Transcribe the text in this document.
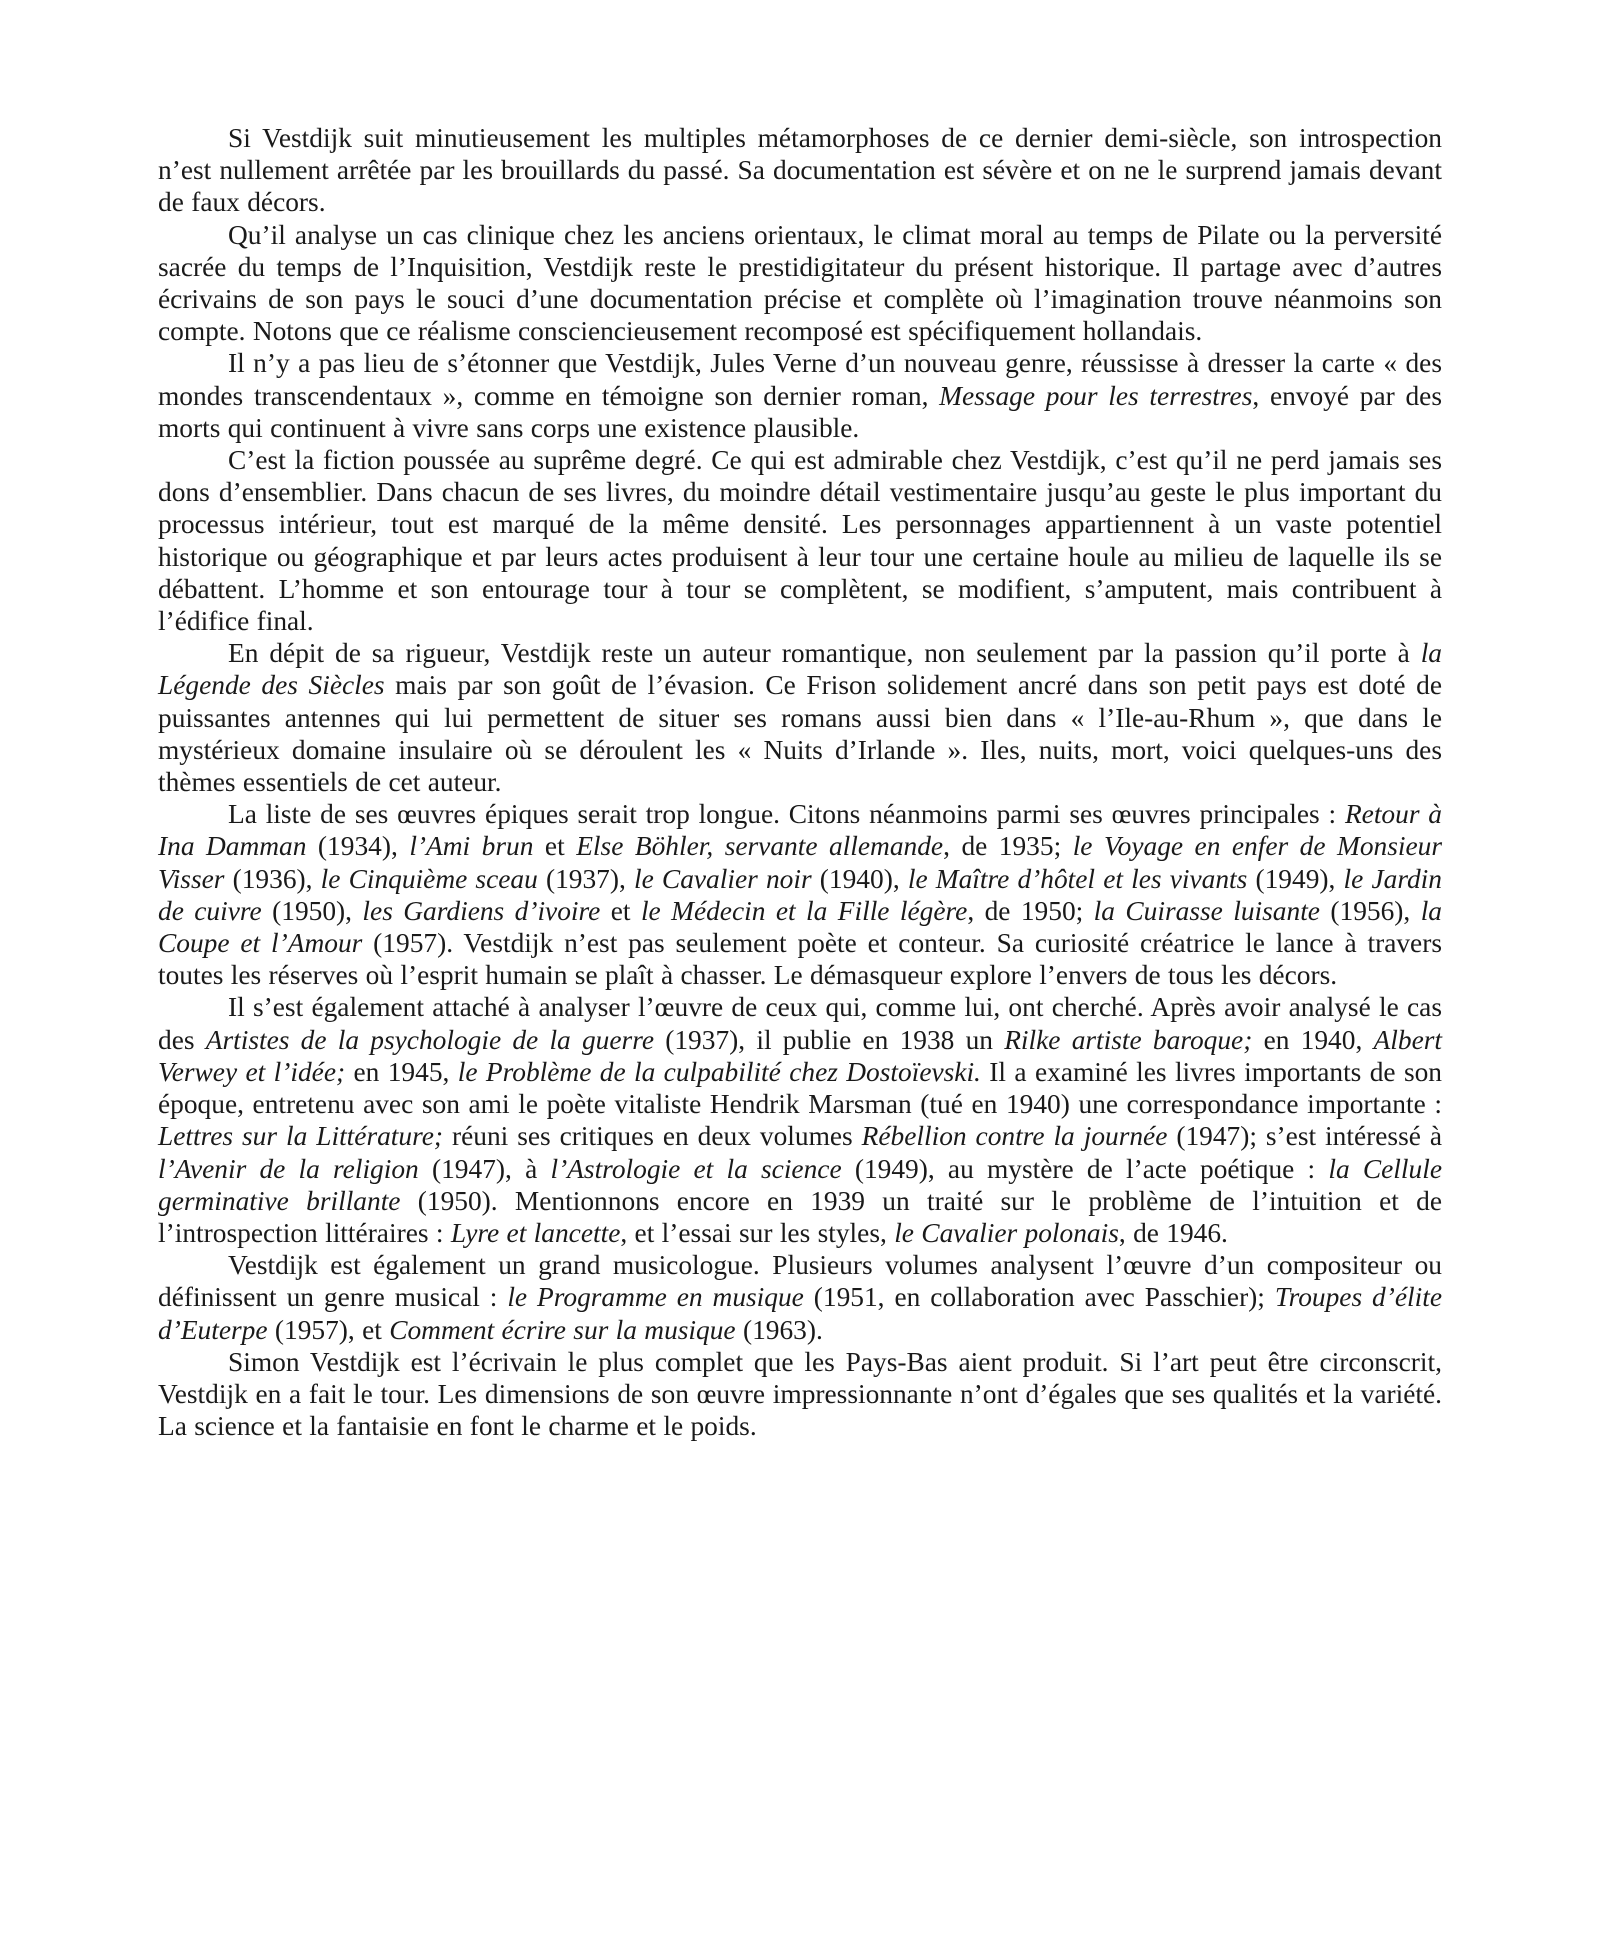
Si Vestdijk suit minutieusement les multiples métamorphoses de ce dernier demi-siècle, son introspection n’est nullement arrêtée par les brouillards du passé. Sa documentation est sévère et on ne le surprend jamais devant de faux décors.

Qu’il analyse un cas clinique chez les anciens orientaux, le climat moral au temps de Pilate ou la perversité sacrée du temps de l’Inquisition, Vestdijk reste le prestidigitateur du présent historique. Il partage avec d’autres écrivains de son pays le souci d’une documentation précise et complète où l’imagination trouve néanmoins son compte. Notons que ce réalisme consciencieusement recomposé est spécifiquement hollandais.

Il n’y a pas lieu de s’étonner que Vestdijk, Jules Verne d’un nouveau genre, réussisse à dresser la carte « des mondes transcendentaux », comme en témoigne son dernier roman, Message pour les terrestres, envoyé par des morts qui continuent à vivre sans corps une existence plausible.

C’est la fiction poussée au suprême degré. Ce qui est admirable chez Vestdijk, c’est qu’il ne perd jamais ses dons d’ensemblier. Dans chacun de ses livres, du moindre détail vestimentaire jusqu’au geste le plus important du processus intérieur, tout est marqué de la même densité. Les personnages appartiennent à un vaste potentiel historique ou géographique et par leurs actes produisent à leur tour une certaine houle au milieu de laquelle ils se débattent. L’homme et son entourage tour à tour se complètent, se modifient, s’amputent, mais contribuent à l’édifice final.

En dépit de sa rigueur, Vestdijk reste un auteur romantique, non seulement par la passion qu’il porte à la Légende des Siècles mais par son goût de l’évasion. Ce Frison solidement ancré dans son petit pays est doté de puissantes antennes qui lui permettent de situer ses romans aussi bien dans « l’Ile-au-Rhum », que dans le mystérieux domaine insulaire où se déroulent les « Nuits d’Irlande ». Iles, nuits, mort, voici quelques-uns des thèmes essentiels de cet auteur.

La liste de ses œuvres épiques serait trop longue. Citons néanmoins parmi ses œuvres principales : Retour à Ina Damman (1934), l’Ami brun et Else Böhler, servante allemande, de 1935; le Voyage en enfer de Monsieur Visser (1936), le Cinquième sceau (1937), le Cavalier noir (1940), le Maître d’hôtel et les vivants (1949), le Jardin de cuivre (1950), les Gardiens d’ivoire et le Médecin et la Fille légère, de 1950; la Cuirasse luisante (1956), la Coupe et l’Amour (1957). Vestdijk n’est pas seulement poète et conteur. Sa curiosité créatrice le lance à travers toutes les réserves où l’esprit humain se plaît à chasser. Le démasqueur explore l’envers de tous les décors.

Il s’est également attaché à analyser l’œuvre de ceux qui, comme lui, ont cherché. Après avoir analysé le cas des Artistes de la psychologie de la guerre (1937), il publie en 1938 un Rilke artiste baroque; en 1940, Albert Verwey et l’idée; en 1945, le Problème de la culpabilité chez Dostoïevski. Il a examiné les livres importants de son époque, entretenu avec son ami le poète vitaliste Hendrik Marsman (tué en 1940) une correspondance importante : Lettres sur la Littérature; réuni ses critiques en deux volumes Rébellion contre la journée (1947); s’est intéressé à l’Avenir de la religion (1947), à l’Astrologie et la science (1949), au mystère de l’acte poétique : la Cellule germinative brillante (1950). Mentionnons encore en 1939 un traité sur le problème de l’intuition et de l’introspection littéraires : Lyre et lancette, et l’essai sur les styles, le Cavalier polonais, de 1946.

Vestdijk est également un grand musicologue. Plusieurs volumes analysent l’œuvre d’un compositeur ou définissent un genre musical : le Programme en musique (1951, en collaboration avec Passchier); Troupes d’élite d’Euterpe (1957), et Comment écrire sur la musique (1963).

Simon Vestdijk est l’écrivain le plus complet que les Pays-Bas aient produit. Si l’art peut être circonscrit, Vestdijk en a fait le tour. Les dimensions de son œuvre impressionnante n’ont d’égales que ses qualités et la variété. La science et la fantaisie en font le charme et le poids.
